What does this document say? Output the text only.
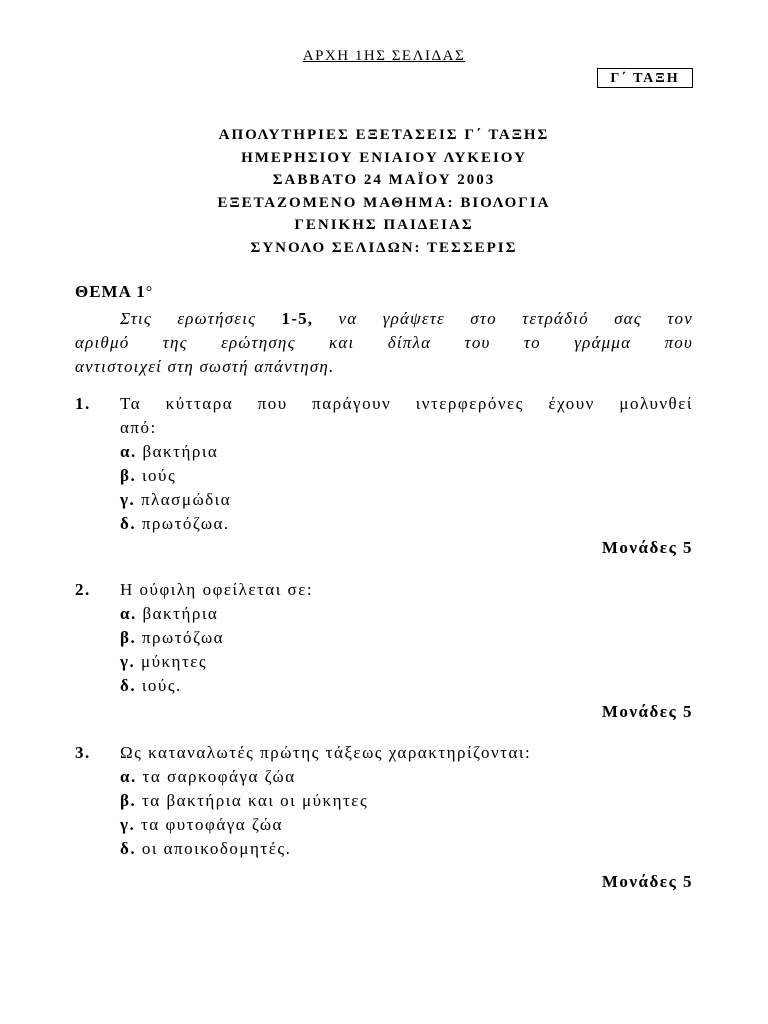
ΑΡΧΗ 1ΗΣ ΣΕΛΙΔΑΣ
Γ΄ ΤΑΞΗ
ΑΠΟΛΥΤΗΡΙΕΣ ΕΞΕΤΑΣΕΙΣ Γ΄ ΤΑΞΗΣ
ΗΜΕΡΗΣΙΟΥ ΕΝΙΑΙΟΥ ΛΥΚΕΙΟΥ
ΣΑΒΒΑΤΟ 24 ΜΑΪΟΥ 2003
ΕΞΕΤΑΖΟΜΕΝΟ ΜΑΘΗΜΑ: ΒΙΟΛΟΓΙΑ
ΓΕΝΙΚΗΣ ΠΑΙΔΕΙΑΣ
ΣΥΝΟΛΟ ΣΕΛΙΔΩΝ: ΤΕΣΣΕΡΙΣ
ΘΕΜΑ 1°
Στις ερωτήσεις 1-5, να γράψετε στο τετράδιό σας τον
αριθμό της ερώτησης και δίπλα του το γράμμα που
αντιστοιχεί στη σωστή απάντηση.
1. Τα κύτταρα που παράγουν ιντερφερόνες έχουν μολυνθεί
από:
α. βακτήρια
β. ιούς
γ. πλασμώδια
δ. πρωτόζωα.
Μονάδες 5
2. Η ούφιλη οφείλεται σε:
α. βακτήρια
β. πρωτόζωα
γ. μύκητες
δ. ιούς.
Μονάδες 5
3. Ως καταναλωτές πρώτης τάξεως χαρακτηρίζονται:
α. τα σαρκοφάγα ζώα
β. τα βακτήρια και οι μύκητες
γ. τα φυτοφάγα ζώα
δ. οι αποικοδομητές.
Μονάδες 5
